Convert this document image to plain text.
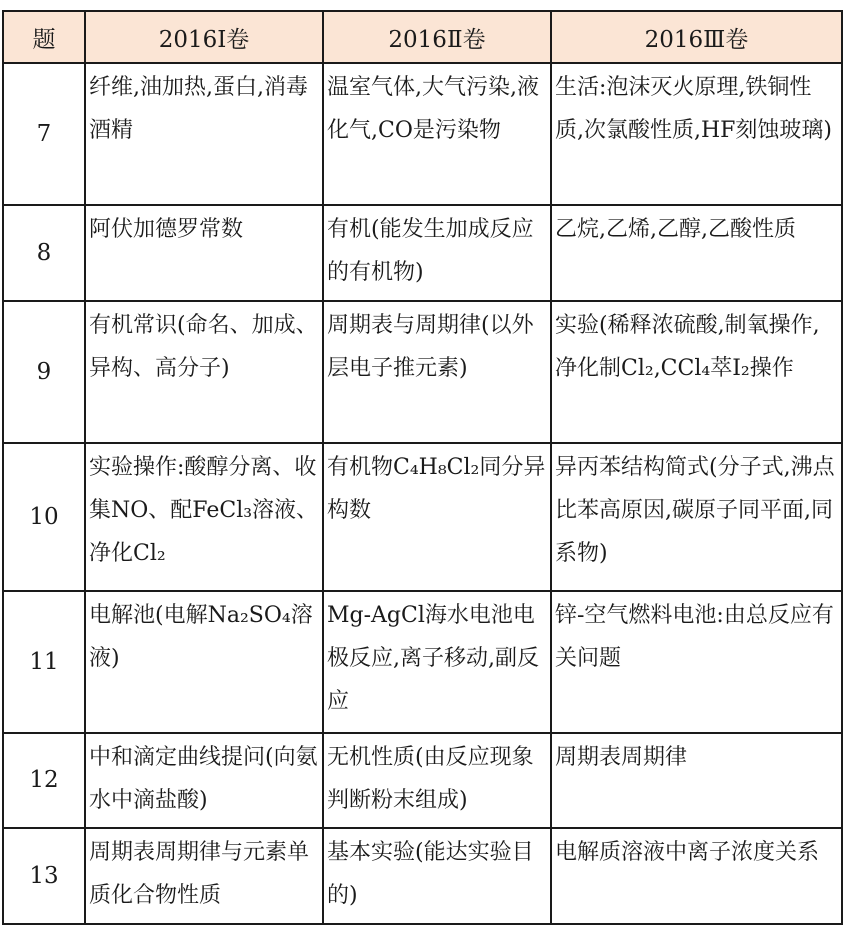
题	2016Ⅰ卷	2016Ⅱ卷	2016Ⅲ卷
7	纤维,油加热,蛋白,消毒酒精	温室气体,大气污染,液化气,CO是污染物	生活:泡沫灭火原理,铁铜性质,次氯酸性质,HF刻蚀玻璃)
8	阿伏加德罗常数	有机(能发生加成反应的有机物)	乙烷,乙烯,乙醇,乙酸性质
9	有机常识(命名、加成、异构、高分子)	周期表与周期律(以外层电子推元素)	实验(稀释浓硫酸,制氧操作,净化制Cl₂,CCl₄萃I₂操作
10	实验操作:酸醇分离、收集NO、配FeCl₃溶液、净化Cl₂	有机物C₄H₈Cl₂同分异构数	异丙苯结构简式(分子式,沸点比苯高原因,碳原子同平面,同系物)
11	电解池(电解Na₂SO₄溶液)	Mg-AgCl海水电池电极反应,离子移动,副反应	锌-空气燃料电池:由总反应有关问题
12	中和滴定曲线提问(向氨水中滴盐酸)	无机性质(由反应现象判断粉末组成)	周期表周期律
13	周期表周期律与元素单质化合物性质	基本实验(能达实验目的)	电解质溶液中离子浓度关系
